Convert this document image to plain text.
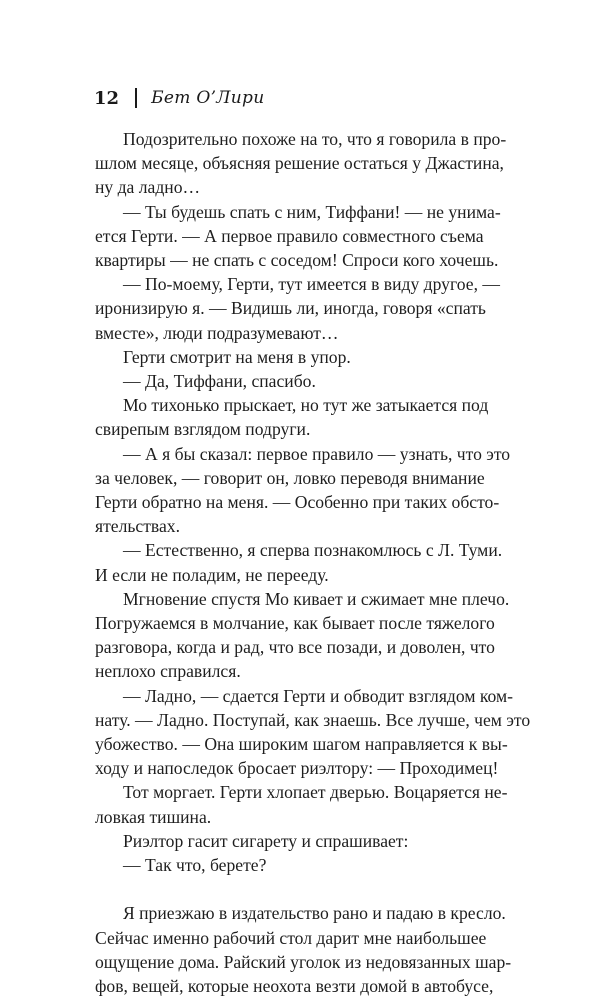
12 Бет О’Лири

Подозрительно похоже на то, что я говорила в про-
шлом месяце, объясняя решение остаться у Джастина,
ну да ладно…

— Ты будешь спать с ним, Тиффани! — не унима-
ется Герти. — А первое правило совместного съема
квартиры — не спать с соседом! Спроси кого хочешь.

— По-моему, Герти, тут имеется в виду другое, —
иронизирую я. — Видишь ли, иногда, говоря «спать
вместе», люди подразумевают…

Герти смотрит на меня в упор.

— Да, Тиффани, спасибо.

Мо тихонько прыскает, но тут же затыкается под
свирепым взглядом подруги.

— А я бы сказал: первое правило — узнать, что это
за человек, — говорит он, ловко переводя внимание
Герти обратно на меня. — Особенно при таких обсто-
ятельствах.

— Естественно, я сперва познакомлюсь с Л. Туми.
И если не поладим, не перееду.

Мгновение спустя Мо кивает и сжимает мне плечо.
Погружаемся в молчание, как бывает после тяжелого
разговора, когда и рад, что все позади, и доволен, что
неплохо справился.

— Ладно, — сдается Герти и обводит взглядом ком-
нату. — Ладно. Поступай, как знаешь. Все лучше, чем это
убожество. — Она широким шагом направляется к вы-
ходу и напоследок бросает риэлтору: — Проходимец!

Тот моргает. Герти хлопает дверью. Воцаряется не-
ловкая тишина.

Риэлтор гасит сигарету и спрашивает:

— Так что, берете?

Я приезжаю в издательство рано и падаю в кресло.
Сейчас именно рабочий стол дарит мне наибольшее
ощущение дома. Райский уголок из недовязанных шар-
фов, вещей, которые неохота везти домой в автобусе,
